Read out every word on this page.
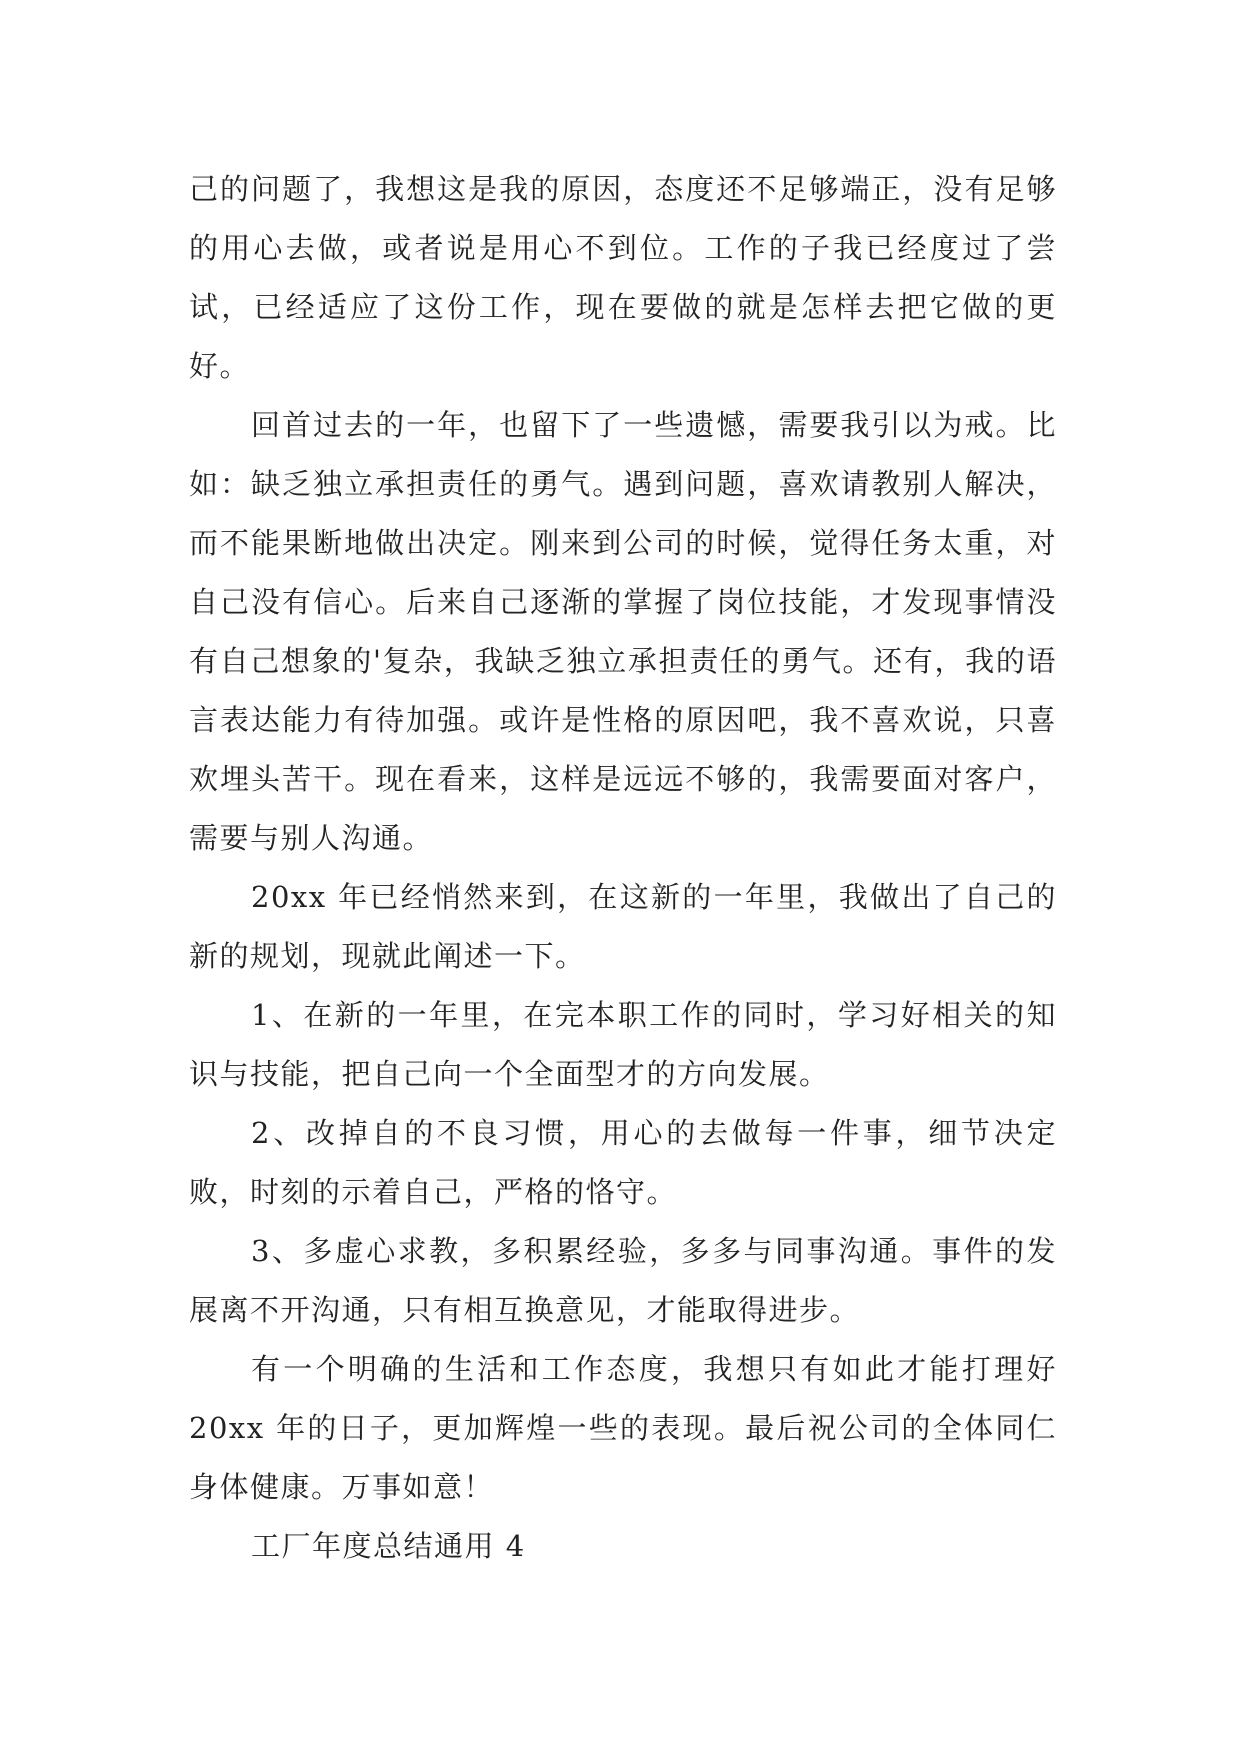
己的问题了，我想这是我的原因，态度还不足够端正，没有足够的用心去做，或者说是用心不到位。工作的子我已经度过了尝试，已经适应了这份工作，现在要做的就是怎样去把它做的更好。

回首过去的一年，也留下了一些遗憾，需要我引以为戒。比如：缺乏独立承担责任的勇气。遇到问题，喜欢请教别人解决，而不能果断地做出决定。刚来到公司的时候，觉得任务太重，对自己没有信心。后来自己逐渐的掌握了岗位技能，才发现事情没有自己想象的'复杂，我缺乏独立承担责任的勇气。还有，我的语言表达能力有待加强。或许是性格的原因吧，我不喜欢说，只喜欢埋头苦干。现在看来，这样是远远不够的，我需要面对客户，需要与别人沟通。

20xx 年已经悄然来到，在这新的一年里，我做出了自己的新的规划，现就此阐述一下。

1、在新的一年里，在完本职工作的同时，学习好相关的知识与技能，把自己向一个全面型才的方向发展。

2、改掉自的不良习惯，用心的去做每一件事，细节决定败，时刻的示着自己，严格的恪守。

3、多虚心求教，多积累经验，多多与同事沟通。事件的发展离不开沟通，只有相互换意见，才能取得进步。

有一个明确的生活和工作态度，我想只有如此才能打理好 20xx 年的日子，更加辉煌一些的表现。最后祝公司的全体同仁身体健康。万事如意！

工厂年度总结通用 4
